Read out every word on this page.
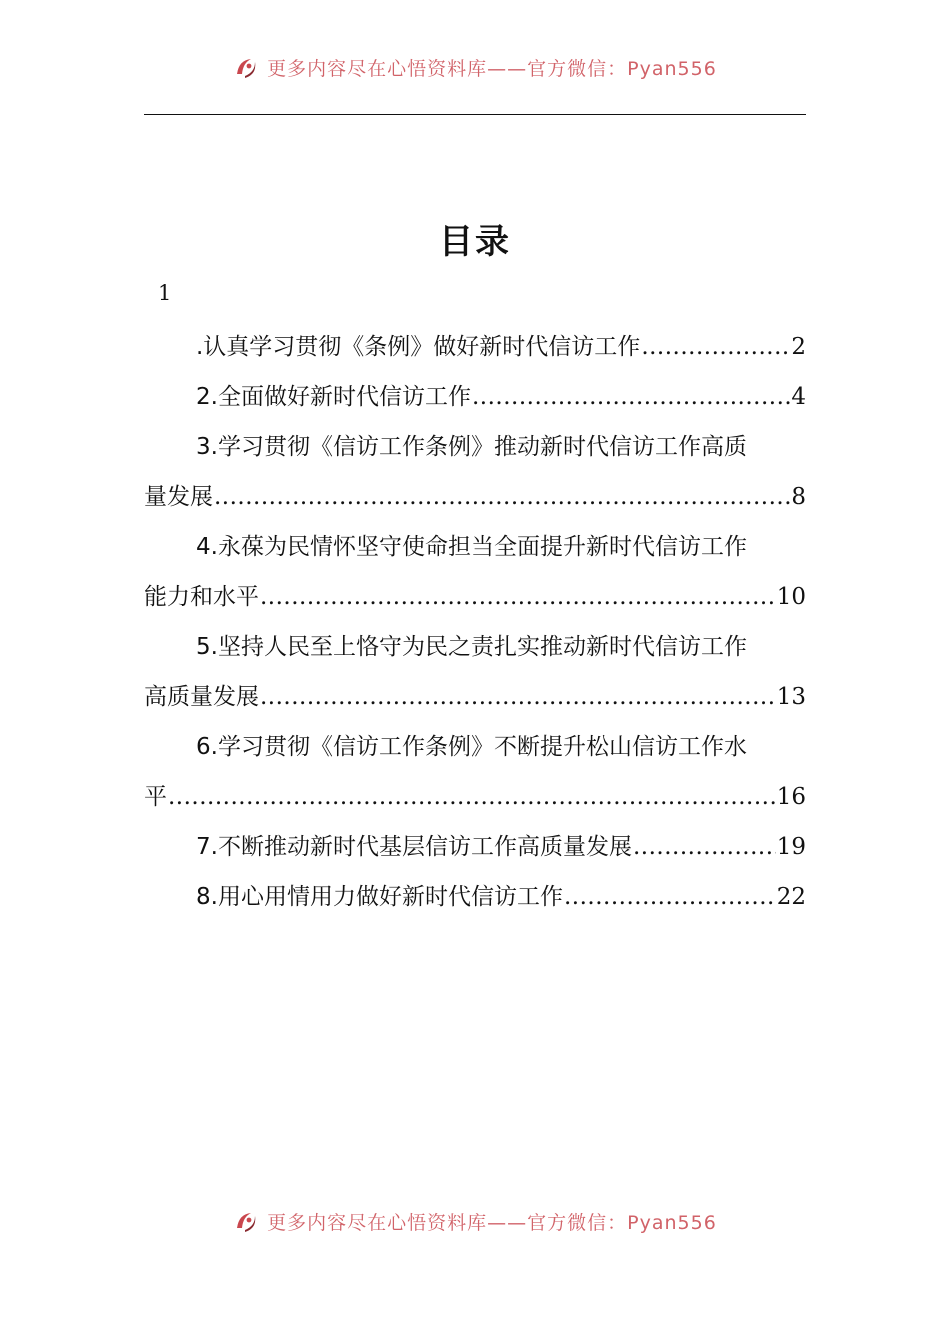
更多内容尽在心悟资料库——官方微信：Pyan556
目录
1
.认真学习贯彻《条例》做好新时代信访工作 .....	2
2.全面做好新时代信访工作 .....	4
3.学习贯彻《信访工作条例》推动新时代信访工作高质
量发展 .....	8
4.永葆为民情怀坚守使命担当全面提升新时代信访工作
能力和水平 .....	10
5.坚持人民至上恪守为民之责扎实推动新时代信访工作
高质量发展 .....	13
6.学习贯彻《信访工作条例》不断提升松山信访工作水
平 .....	16
7.不断推动新时代基层信访工作高质量发展 .....	19
8.用心用情用力做好新时代信访工作 .....	22
更多内容尽在心悟资料库——官方微信：Pyan556
